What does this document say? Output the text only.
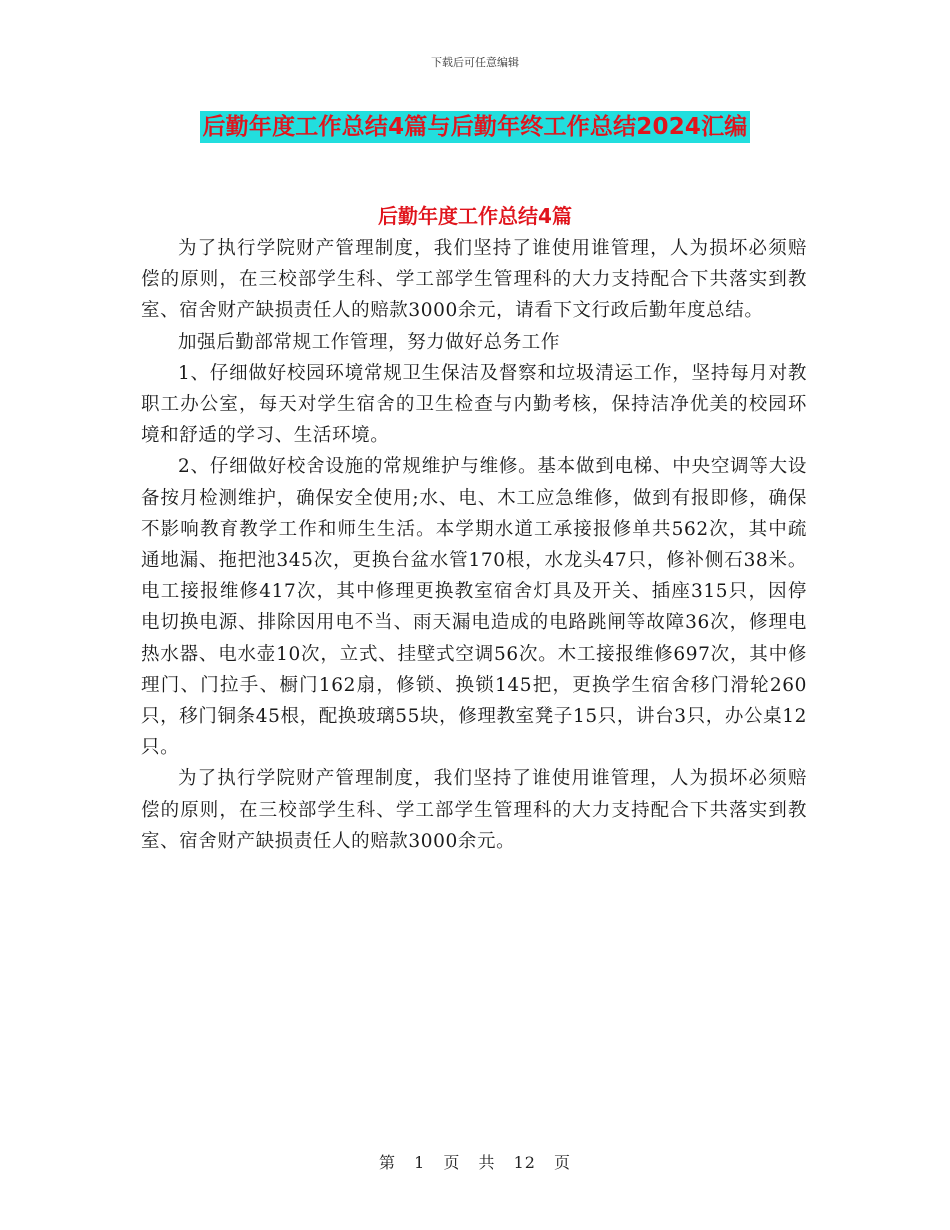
下载后可任意编辑
后勤年度工作总结4篇与后勤年终工作总结2024汇编
后勤年度工作总结4篇

为了执行学院财产管理制度，我们坚持了谁使用谁管理，人为损坏必须赔偿的原则，在三校部学生科、学工部学生管理科的大力支持配合下共落实到教室、宿舍财产缺损责任人的赔款3000余元，请看下文行政后勤年度总结。

加强后勤部常规工作管理，努力做好总务工作

1、仔细做好校园环境常规卫生保洁及督察和垃圾清运工作，坚持每月对教职工办公室，每天对学生宿舍的卫生检查与内勤考核，保持洁净优美的校园环境和舒适的学习、生活环境。

2、仔细做好校舍设施的常规维护与维修。基本做到电梯、中央空调等大设备按月检测维护，确保安全使用;水、电、木工应急维修，做到有报即修，确保不影响教育教学工作和师生生活。本学期水道工承接报修单共562次，其中疏通地漏、拖把池345次，更换台盆水管170根，水龙头47只，修补侧石38米。电工接报维修417次，其中修理更换教室宿舍灯具及开关、插座315只，因停电切换电源、排除因用电不当、雨天漏电造成的电路跳闸等故障36次，修理电热水器、电水壶10次，立式、挂壁式空调56次。木工接报维修697次，其中修理门、门拉手、橱门162扇，修锁、换锁145把，更换学生宿舍移门滑轮260只，移门铜条45根，配换玻璃55块，修理教室凳子15只，讲台3只，办公桌12只。

为了执行学院财产管理制度，我们坚持了谁使用谁管理，人为损坏必须赔偿的原则，在三校部学生科、学工部学生管理科的大力支持配合下共落实到教室、宿舍财产缺损责任人的赔款3000余元。

第 1 页 共 12 页
